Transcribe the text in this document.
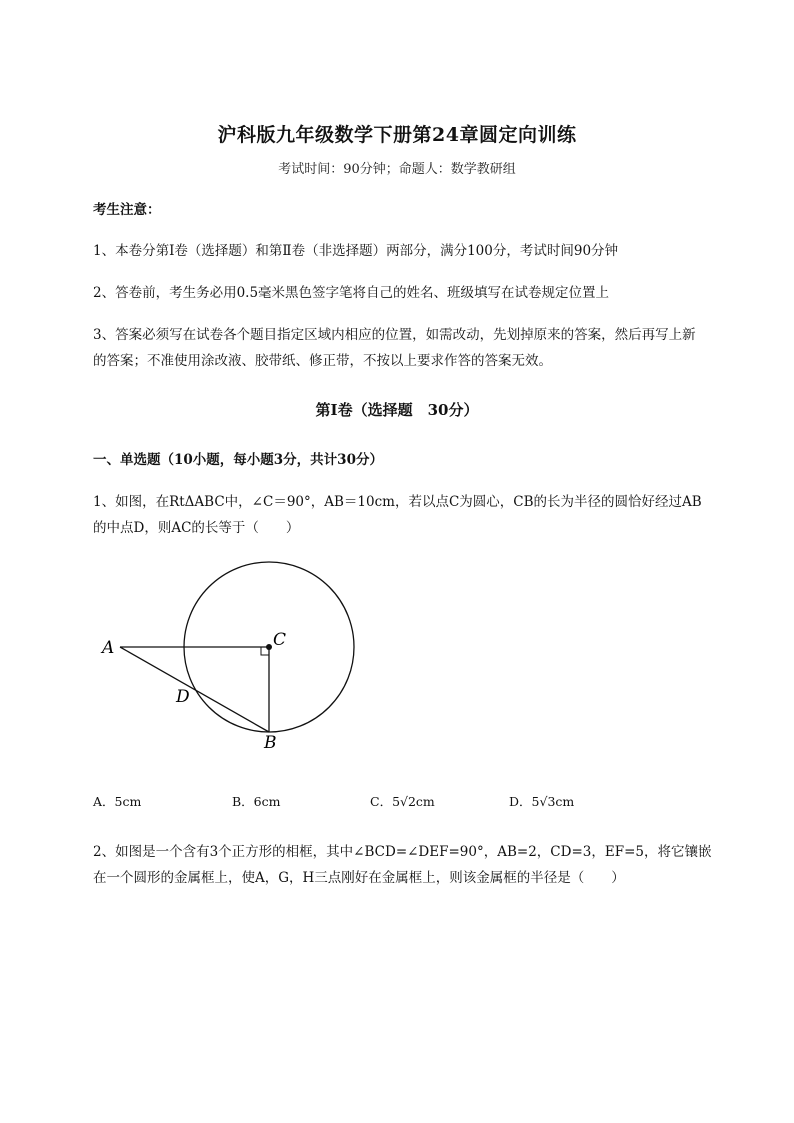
沪科版九年级数学下册第24章圆定向训练
考试时间：90分钟；命题人：数学教研组
考生注意：
1、本卷分第I卷（选择题）和第Ⅱ卷（非选择题）两部分，满分100分，考试时间90分钟
2、答卷前，考生务必用0.5毫米黑色签字笔将自己的姓名、班级填写在试卷规定位置上
3、答案必须写在试卷各个题目指定区域内相应的位置，如需改动，先划掉原来的答案，然后再写上新
的答案；不准使用涂改液、胶带纸、修正带，不按以上要求作答的答案无效。
第I卷（选择题　30分）
一、单选题（10小题，每小题3分，共计30分）
1、如图，在RtΔABC中，∠C＝90°，AB＝10cm，若以点C为圆心，CB的长为半径的圆恰好经过AB
的中点D，则AC的长等于（　　）
A	C
D
B
A．5cm	B．6cm	C．5√2cm	D．5√3cm
2、如图是一个含有3个正方形的相框，其中∠BCD=∠DEF=90°，AB=2，CD=3，EF=5，将它镶嵌
在一个圆形的金属框上，使A，G，H三点刚好在金属框上，则该金属框的半径是（　　）
